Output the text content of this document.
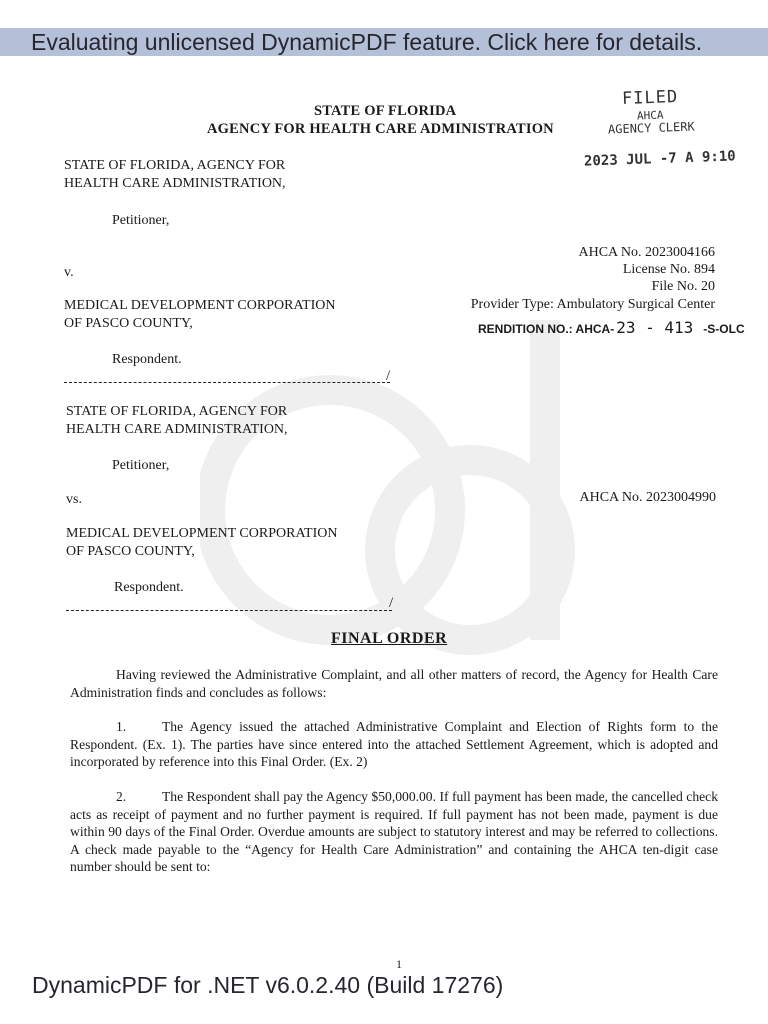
Evaluating unlicensed DynamicPDF feature. Click here for details.
STATE OF FLORIDA
AGENCY FOR HEALTH CARE ADMINISTRATION
FILED
AHCA
AGENCY CLERK
2023 JUL -7 A 9:10
STATE OF FLORIDA, AGENCY FOR
HEALTH CARE ADMINISTRATION,
Petitioner,
v.
MEDICAL DEVELOPMENT CORPORATION
OF PASCO COUNTY,
Respondent.
/
AHCA No. 2023004166
License No. 894
File No. 20
Provider Type: Ambulatory Surgical Center
RENDITION NO.: AHCA- 23 - 413 -S-OLC
STATE OF FLORIDA, AGENCY FOR
HEALTH CARE ADMINISTRATION,
Petitioner,
vs.
MEDICAL DEVELOPMENT CORPORATION
OF PASCO COUNTY,
Respondent.
/
AHCA No. 2023004990
FINAL ORDER
Having reviewed the Administrative Complaint, and all other matters of record, the Agency for Health Care Administration finds and concludes as follows:
1.	The Agency issued the attached Administrative Complaint and Election of Rights form to the Respondent. (Ex. 1). The parties have since entered into the attached Settlement Agreement, which is adopted and incorporated by reference into this Final Order. (Ex. 2)
2.	The Respondent shall pay the Agency $50,000.00. If full payment has been made, the cancelled check acts as receipt of payment and no further payment is required. If full payment has not been made, payment is due within 90 days of the Final Order. Overdue amounts are subject to statutory interest and may be referred to collections. A check made payable to the “Agency for Health Care Administration” and containing the AHCA ten-digit case number should be sent to:
1
DynamicPDF for .NET v6.0.2.40 (Build 17276)
